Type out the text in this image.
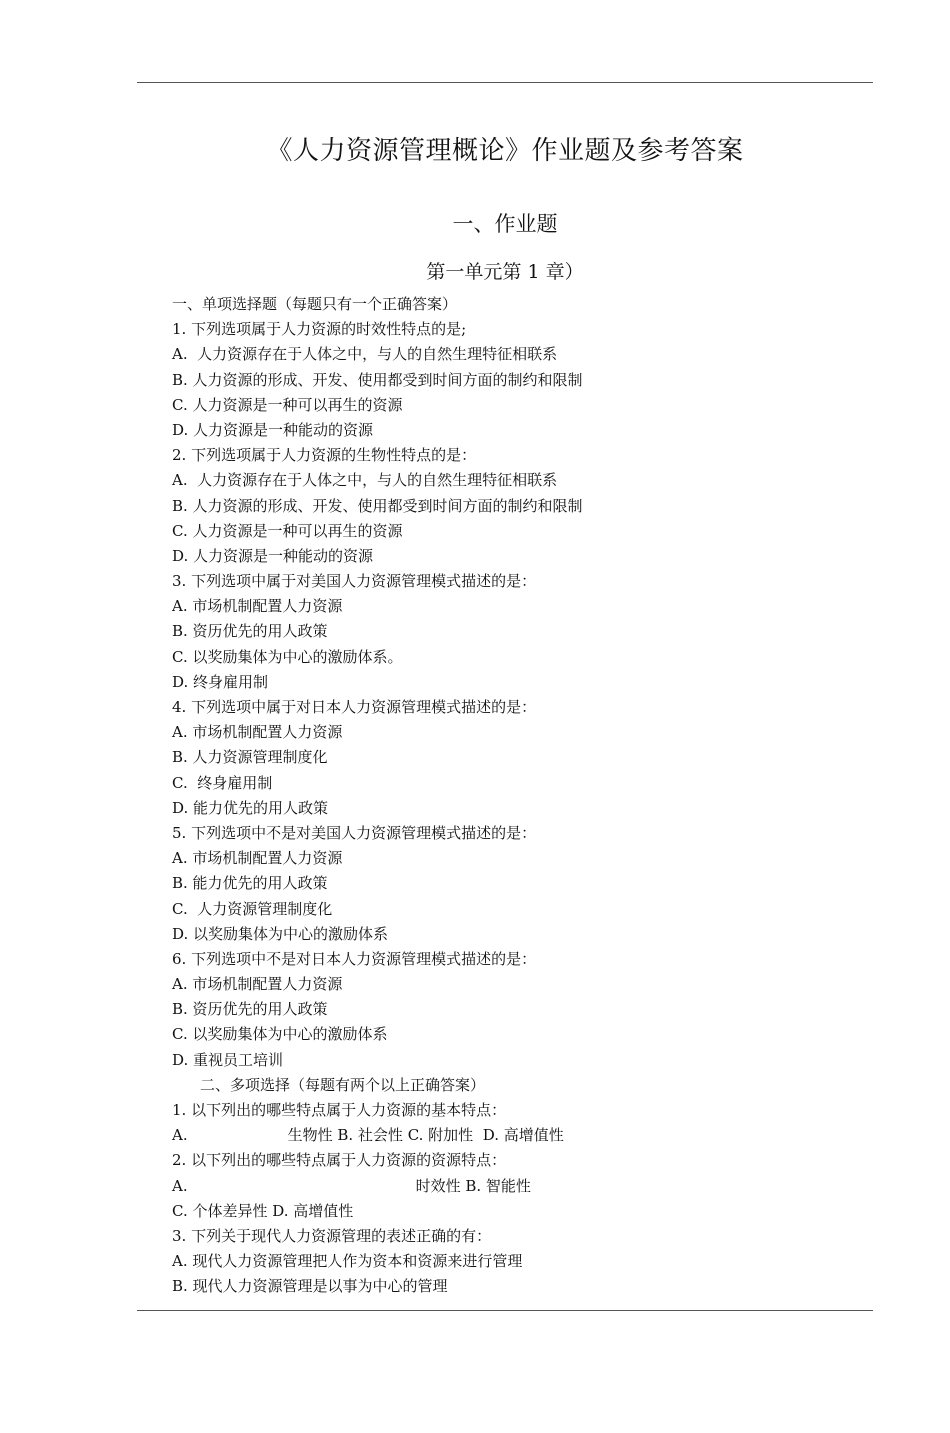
《人力资源管理概论》作业题及参考答案
一、作业题
第一单元第 1 章）
一、单项选择题（每题只有一个正确答案）
1. 下列选项属于人力资源的时效性特点的是;
A.  人力资源存在于人体之中，与人的自然生理特征相联系
B. 人力资源的形成、开发、使用都受到时间方面的制约和限制
C. 人力资源是一种可以再生的资源
D. 人力资源是一种能动的资源
2. 下列选项属于人力资源的生物性特点的是：
A.  人力资源存在于人体之中，与人的自然生理特征相联系
B. 人力资源的形成、开发、使用都受到时间方面的制约和限制
C. 人力资源是一种可以再生的资源
D. 人力资源是一种能动的资源
3. 下列选项中属于对美国人力资源管理模式描述的是：
A. 市场机制配置人力资源
B. 资历优先的用人政策
C. 以奖励集体为中心的激励体系。
D. 终身雇用制
4. 下列选项中属于对日本人力资源管理模式描述的是：
A. 市场机制配置人力资源
B. 人力资源管理制度化
C.  终身雇用制
D. 能力优先的用人政策
5. 下列选项中不是对美国人力资源管理模式描述的是：
A. 市场机制配置人力资源
B. 能力优先的用人政策
C.  人力资源管理制度化
D. 以奖励集体为中心的激励体系
6. 下列选项中不是对日本人力资源管理模式描述的是：
A. 市场机制配置人力资源
B. 资历优先的用人政策
C. 以奖励集体为中心的激励体系
D. 重视员工培训
二、多项选择（每题有两个以上正确答案）
1. 以下列出的哪些特点属于人力资源的基本特点：
A.	生物性 B. 社会性 C. 附加性  D. 高增值性
2. 以下列出的哪些特点属于人力资源的资源特点：
A.	时效性 B. 智能性
C. 个体差异性 D. 高增值性
3. 下列关于现代人力资源管理的表述正确的有：
A. 现代人力资源管理把人作为资本和资源来进行管理
B. 现代人力资源管理是以事为中心的管理
